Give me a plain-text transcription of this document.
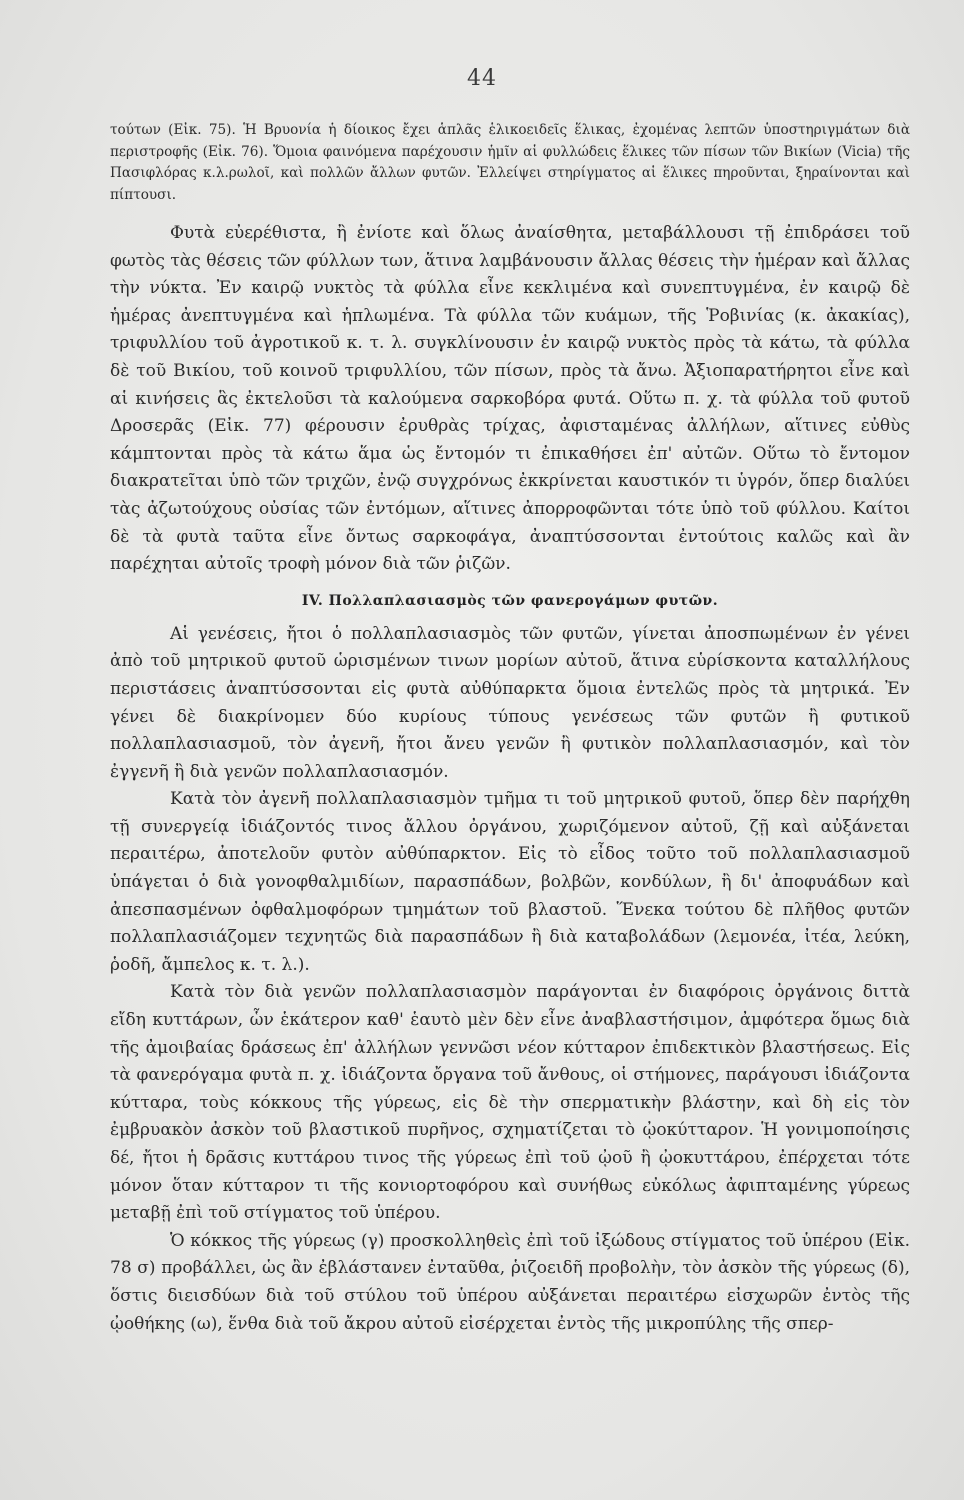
44

τούτων (Εἰκ. 75). Ἡ Βρυονία ἡ δίοικος ἔχει ἁπλᾶς ἑλικοειδεῖς ἕλικας, ἐχομένας λεπτῶν ὑποστηριγμάτων διὰ περιστροφῆς (Εἰκ. 76). Ὅμοια φαινόμενα παρέχουσιν ἡμῖν αἱ φυλλώδεις ἕλικες τῶν πίσων τῶν Βικίων (Vicia) τῆς Πασιφλόρας κ.λ.ρωλοῖ, καὶ πολλῶν ἄλλων φυτῶν. Ἐλλείψει στηρίγματος αἱ ἕλικες πηροῦνται, ξηραίνονται καὶ πίπτουσι.

Φυτὰ εὐερέθιστα, ἢ ἐνίοτε καὶ ὅλως ἀναίσθητα, μεταβάλλουσι τῇ ἐπιδράσει τοῦ φωτὸς τὰς θέσεις τῶν φύλλων των, ἅτινα λαμβάνουσιν ἄλλας θέσεις τὴν ἡμέραν καὶ ἄλλας τὴν νύκτα. Ἐν καιρῷ νυκτὸς τὰ φύλλα εἶνε κεκλιμένα καὶ συνεπτυγμένα, ἐν καιρῷ δὲ ἡμέρας ἀνεπτυγμένα καὶ ἡπλωμένα. Τὰ φύλλα τῶν κυάμων, τῆς Ῥοβινίας (κ. ἀκακίας), τριφυλλίου τοῦ ἀγροτικοῦ κ. τ. λ. συγκλίνουσιν ἐν καιρῷ νυκτὸς πρὸς τὰ κάτω, τὰ φύλλα δὲ τοῦ Βικίου, τοῦ κοινοῦ τριφυλλίου, τῶν πίσων, πρὸς τὰ ἄνω. Ἀξιοπαρατήρητοι εἶνε καὶ αἱ κινήσεις ἃς ἐκτελοῦσι τὰ καλούμενα σαρκοβόρα φυτά. Οὕτω π. χ. τὰ φύλλα τοῦ φυτοῦ Δροσερᾶς (Εἰκ. 77) φέρουσιν ἐρυθρὰς τρίχας, ἀφισταμένας ἀλλήλων, αἵτινες εὐθὺς κάμπτονται πρὸς τὰ κάτω ἅμα ὡς ἔντομόν τι ἐπικαθήσει ἐπ' αὐτῶν. Οὕτω τὸ ἔντομον διακρατεῖται ὑπὸ τῶν τριχῶν, ἐνῷ συγχρόνως ἐκκρίνεται καυστικόν τι ὑγρόν, ὅπερ διαλύει τὰς ἀζωτούχους οὐσίας τῶν ἐντόμων, αἵτινες ἀπορροφῶνται τότε ὑπὸ τοῦ φύλλου. Καίτοι δὲ τὰ φυτὰ ταῦτα εἶνε ὄντως σαρκοφάγα, ἀναπτύσσονται ἐντούτοις καλῶς καὶ ἂν παρέχηται αὐτοῖς τροφὴ μόνον διὰ τῶν ῥιζῶν.

IV. Πολλαπλασιασμὸς τῶν φανερογάμων φυτῶν.

Αἱ γενέσεις, ἤτοι ὁ πολλαπλασιασμὸς τῶν φυτῶν, γίνεται ἀποσπωμένων ἐν γένει ἀπὸ τοῦ μητρικοῦ φυτοῦ ὡρισμένων τινων μορίων αὐτοῦ, ἅτινα εὑρίσκοντα καταλλήλους περιστάσεις ἀναπτύσσονται εἰς φυτὰ αὐθύπαρκτα ὅμοια ἐντελῶς πρὸς τὰ μητρικά. Ἐν γένει δὲ διακρίνομεν δύο κυρίους τύπους γενέσεως τῶν φυτῶν ἢ φυτικοῦ πολλαπλασιασμοῦ, τὸν ἀγενῆ, ἤτοι ἄνευ γενῶν ἢ φυτικὸν πολλαπλασιασμόν, καὶ τὸν ἐγγενῆ ἢ διὰ γενῶν πολλαπλασιασμόν.

Κατὰ τὸν ἀγενῆ πολλαπλασιασμὸν τμῆμα τι τοῦ μητρικοῦ φυτοῦ, ὅπερ δὲν παρήχθη τῇ συνεργείᾳ ἰδιάζοντός τινος ἄλλου ὀργάνου, χωριζόμενον αὐτοῦ, ζῇ καὶ αὐξάνεται περαιτέρω, ἀποτελοῦν φυτὸν αὐθύπαρκτον. Εἰς τὸ εἶδος τοῦτο τοῦ πολλαπλασιασμοῦ ὑπάγεται ὁ διὰ γονοφθαλμιδίων, παρασπάδων, βολβῶν, κονδύλων, ἢ δι' ἀποφυάδων καὶ ἀπεσπασμένων ὀφθαλμοφόρων τμημάτων τοῦ βλαστοῦ. Ἕνεκα τούτου δὲ πλῆθος φυτῶν πολλαπλασιάζομεν τεχνητῶς διὰ παρασπάδων ἢ διὰ καταβολάδων (λεμονέα, ἰτέα, λεύκη, ῥοδῆ, ἄμπελος κ. τ. λ.).

Κατὰ τὸν διὰ γενῶν πολλαπλασιασμὸν παράγονται ἐν διαφόροις ὀργάνοις διττὰ εἴδη κυττάρων, ὧν ἑκάτερον καθ' ἑαυτὸ μὲν δὲν εἶνε ἀναβλαστήσιμον, ἀμφότερα ὅμως διὰ τῆς ἀμοιβαίας δράσεως ἐπ' ἀλλήλων γεννῶσι νέον κύτταρον ἐπιδεκτικὸν βλαστήσεως. Εἰς τὰ φανερόγαμα φυτὰ π. χ. ἰδιάζοντα ὄργανα τοῦ ἄνθους, οἱ στήμονες, παράγουσι ἰδιάζοντα κύτταρα, τοὺς κόκκους τῆς γύρεως, εἰς δὲ τὴν σπερματικὴν βλάστην, καὶ δὴ εἰς τὸν ἐμβρυακὸν ἀσκὸν τοῦ βλαστικοῦ πυρῆνος, σχηματίζεται τὸ ᾠοκύτταρον. Ἡ γονιμοποίησις δέ, ἤτοι ἡ δρᾶσις κυττάρου τινος τῆς γύρεως ἐπὶ τοῦ ᾠοῦ ἢ ᾠοκυττάρου, ἐπέρχεται τότε μόνον ὅταν κύτταρον τι τῆς κονιορτοφόρου καὶ συνήθως εὐκόλως ἀφιπταμένης γύρεως μεταβῇ ἐπὶ τοῦ στίγματος τοῦ ὑπέρου.

Ὁ κόκκος τῆς γύρεως (γ) προσκολληθεὶς ἐπὶ τοῦ ἰξώδους στίγματος τοῦ ὑπέρου (Εἰκ. 78 σ) προβάλλει, ὡς ἂν ἐβλάστανεν ἐνταῦθα, ῥιζοειδῆ προβολὴν, τὸν ἀσκὸν τῆς γύρεως (δ), ὅστις διεισδύων διὰ τοῦ στύλου τοῦ ὑπέρου αὐξάνεται περαιτέρω εἰσχωρῶν ἐντὸς τῆς ᾠοθήκης (ω), ἕνθα διὰ τοῦ ἄκρου αὐτοῦ εἰσέρχεται ἐντὸς τῆς μικροπύλης τῆς σπερ-
